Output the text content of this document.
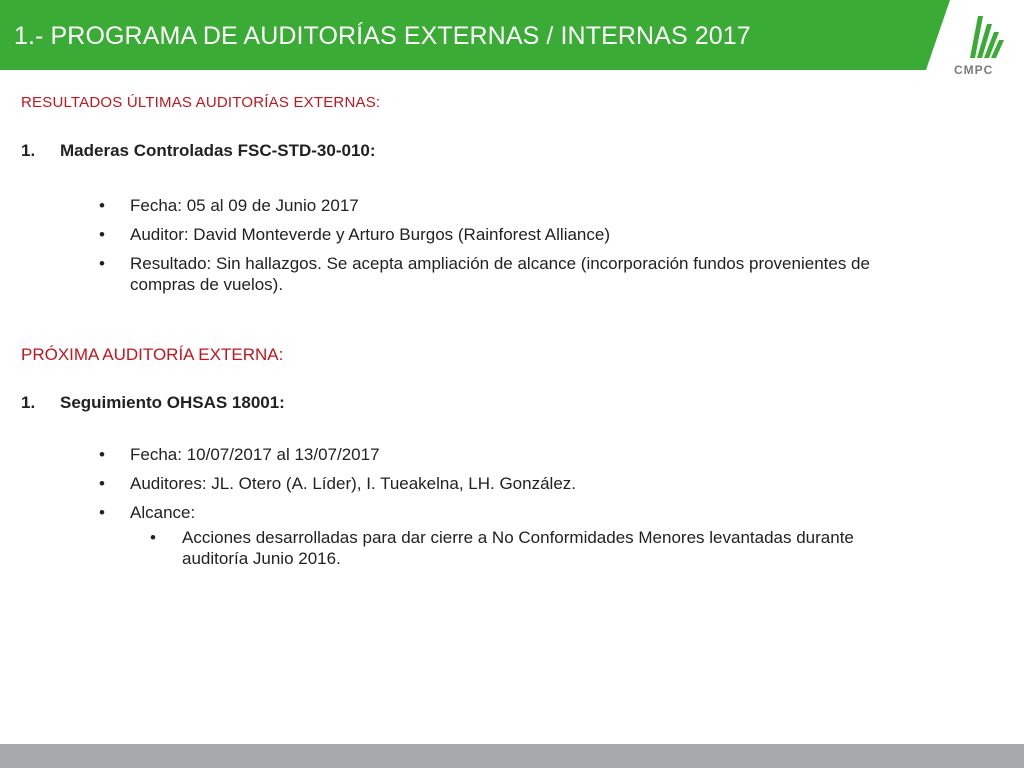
1.- PROGRAMA DE AUDITORÍAS EXTERNAS / INTERNAS 2017
CMPC
RESULTADOS ÚLTIMAS AUDITORÍAS EXTERNAS:
1. Maderas Controladas FSC-STD-30-010:
• Fecha: 05 al 09 de Junio 2017
• Auditor: David Monteverde y Arturo Burgos (Rainforest Alliance)
• Resultado: Sin hallazgos. Se acepta ampliación de alcance (incorporación fundos provenientes de compras de vuelos).
PRÓXIMA AUDITORÍA EXTERNA:
1. Seguimiento OHSAS 18001:
• Fecha: 10/07/2017 al 13/07/2017
• Auditores: JL. Otero (A. Líder), I. Tueakelna, LH. González.
• Alcance:
• Acciones desarrolladas para dar cierre a No Conformidades Menores levantadas durante auditoría Junio 2016.
